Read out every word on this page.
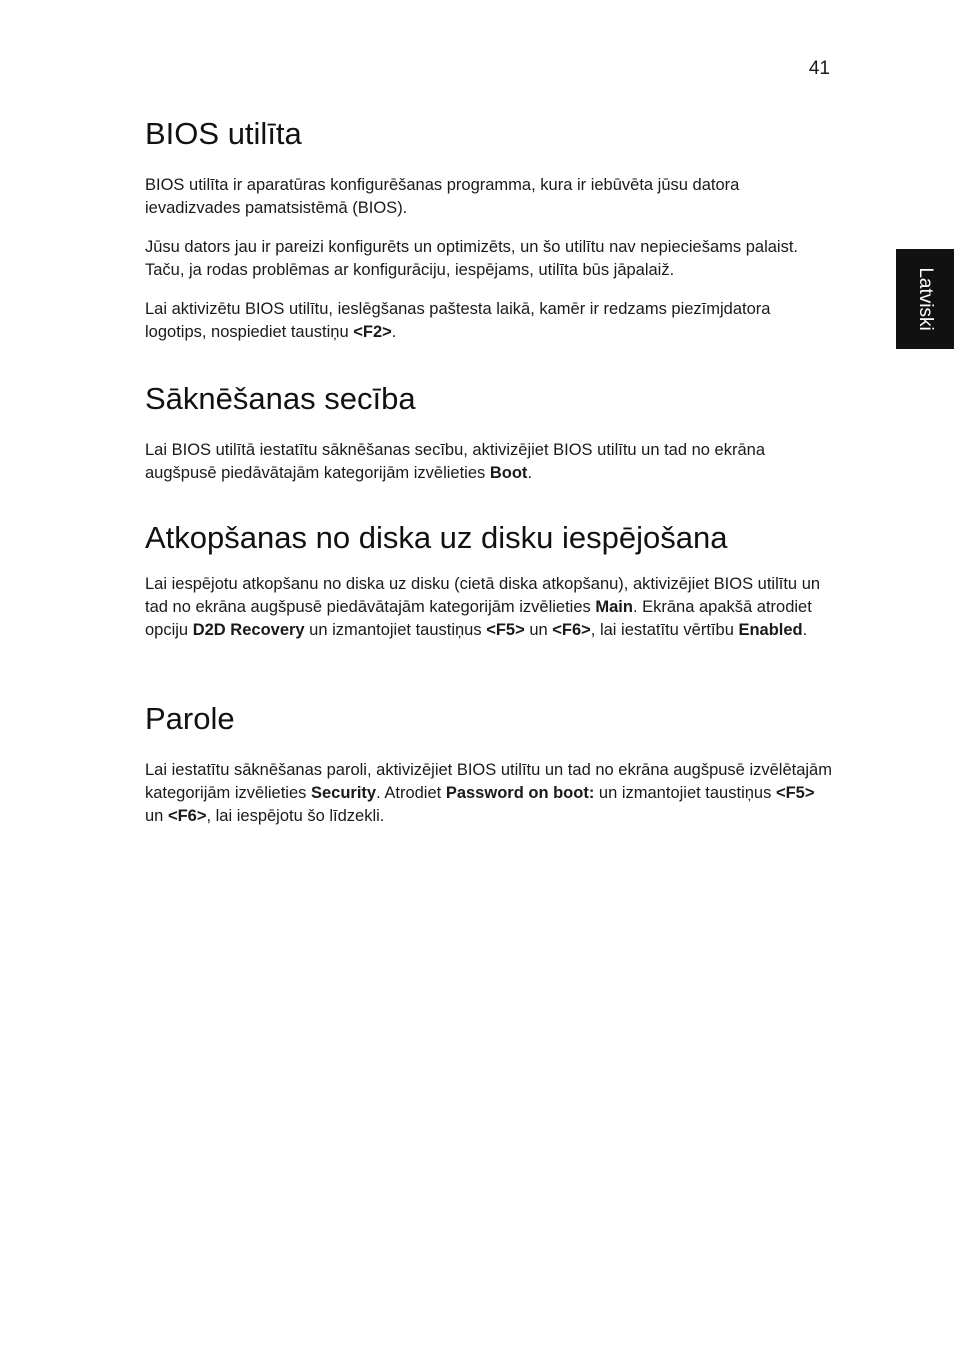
41
Latviski
BIOS utilīta

BIOS utilīta ir aparatūras konfigurēšanas programma, kura ir iebūvēta jūsu datora ievadizvades pamatsistēmā (BIOS).

Jūsu dators jau ir pareizi konfigurēts un optimizēts, un šo utilītu nav nepieciešams palaist. Taču, ja rodas problēmas ar konfigurāciju, iespējams, utilīta būs jāpalaiž.

Lai aktivizētu BIOS utilītu, ieslēgšanas paštesta laikā, kamēr ir redzams piezīmjdatora logotips, nospiediet taustiņu <F2>.

Sāknēšanas secība

Lai BIOS utilītā iestatītu sāknēšanas secību, aktivizējiet BIOS utilītu un tad no ekrāna augšpusē piedāvātajām kategorijām izvēlieties Boot.

Atkopšanas no diska uz disku iespējošana

Lai iespējotu atkopšanu no diska uz disku (cietā diska atkopšanu), aktivizējiet BIOS utilītu un tad no ekrāna augšpusē piedāvātajām kategorijām izvēlieties Main. Ekrāna apakšā atrodiet opciju D2D Recovery un izmantojiet taustiņus <F5> un <F6>, lai iestatītu vērtību Enabled.

Parole

Lai iestatītu sāknēšanas paroli, aktivizējiet BIOS utilītu un tad no ekrāna augšpusē izvēlētajām kategorijām izvēlieties Security. Atrodiet Password on boot: un izmantojiet taustiņus <F5> un <F6>, lai iespējotu šo līdzekli.
